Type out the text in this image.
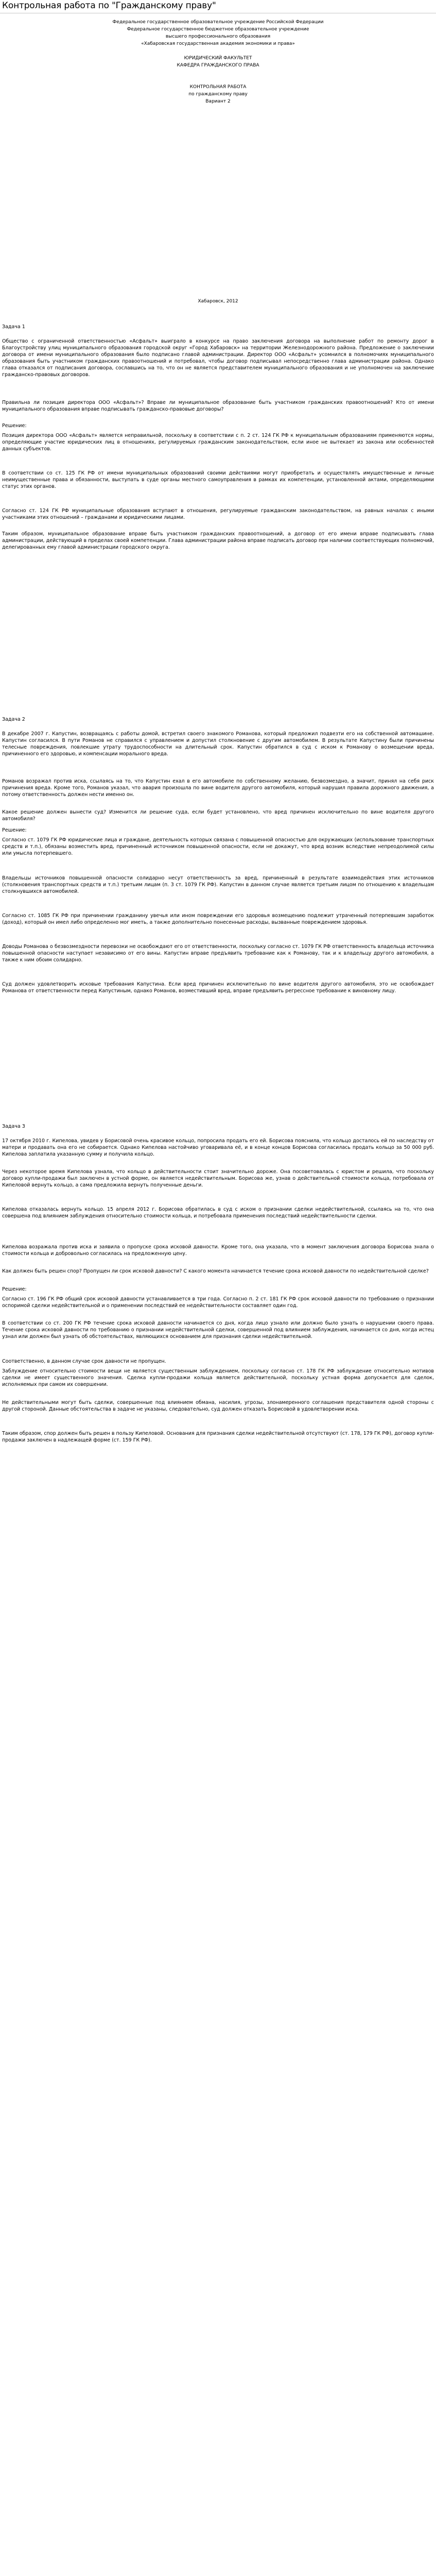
Контрольная работа по "Гражданскому праву"
Федеральное государственное образовательное учреждение Российской Федерации
Федеральное государственное бюджетное образовательное учреждение
высшего профессионального образования
«Хабаровская государственная академия экономики и права»
ЮРИДИЧЕСКИЙ ФАКУЛЬТЕТ
КАФЕДРА ГРАЖДАНСКОГО ПРАВА
КОНТРОЛЬНАЯ РАБОТА
по гражданскому праву
Вариант 2
Хабаровск, 2012
Задача 1
Общество с ограниченной ответственностью «Асфальт» выиграло в конкурсе на право заключения договора на выполнение работ по ремонту дорог в Благоустройству улиц муниципального образования городской округ «Город Хабаровск» на территории Железнодорожного района. Предложение о заключении договора от имени муниципального образования было подписано главой администрации. Директор ООО «Асфальт» усомнился в полномочиях муниципального образования быть участником гражданских правоотношений и потребовал, чтобы договор подписывал непосредственно глава администрации района. Однако глава отказался от подписания договора, сославшись на то, что он не является представителем муниципального образования и не уполномочен на заключение гражданско-правовых договоров.
Правильна ли позиция директора ООО «Асфальт»? Вправе ли муниципальное образование быть участником гражданских правоотношений? Кто от имени муниципального образования вправе подписывать гражданско-правовые договоры?
Решение:
Позиция директора ООО «Асфальт» является неправильной, поскольку в соответствии с п. 2 ст. 124 ГК РФ к муниципальным образованиям применяются нормы, определяющие участие юридических лиц в отношениях, регулируемых гражданским законодательством, если иное не вытекает из закона или особенностей данных субъектов.
В соответствии со ст. 125 ГК РФ от имени муниципальных образований своими действиями могут приобретать и осуществлять имущественные и личные неимущественные права и обязанности, выступать в суде органы местного самоуправления в рамках их компетенции, установленной актами, определяющими статус этих органов.
Согласно ст. 124 ГК РФ муниципальные образования вступают в отношения, регулируемые гражданским законодательством, на равных началах с иными участниками этих отношений – гражданами и юридическими лицами.
Таким образом, муниципальное образование вправе быть участником гражданских правоотношений, а договор от его имени вправе подписывать глава администрации, действующий в пределах своей компетенции. Глава администрации района вправе подписать договор при наличии соответствующих полномочий, делегированных ему главой администрации городского округа.
Задача 2
В декабре 2007 г. Капустин, возвращаясь с работы домой, встретил своего знакомого Романова, который предложил подвезти его на собственной автомашине. Капустин согласился. В пути Романов не справился с управлением и допустил столкновение с другим автомобилем. В результате Капустину были причинены телесные повреждения, повлекшие утрату трудоспособности на длительный срок. Капустин обратился в суд с иском к Романову о возмещении вреда, причиненного его здоровью, и компенсации морального вреда.
Романов возражал против иска, ссылаясь на то, что Капустин ехал в его автомобиле по собственному желанию, безвозмездно, а значит, принял на себя риск причинения вреда. Кроме того, Романов указал, что авария произошла по вине водителя другого автомобиля, который нарушил правила дорожного движения, а потому ответственность должен нести именно он.
Какое решение должен вынести суд? Изменится ли решение суда, если будет установлено, что вред причинен исключительно по вине водителя другого автомобиля?
Решение:
Согласно ст. 1079 ГК РФ юридические лица и граждане, деятельность которых связана с повышенной опасностью для окружающих (использование транспортных средств и т.п.), обязаны возместить вред, причиненный источником повышенной опасности, если не докажут, что вред возник вследствие непреодолимой силы или умысла потерпевшего.
Владельцы источников повышенной опасности солидарно несут ответственность за вред, причиненный в результате взаимодействия этих источников (столкновения транспортных средств и т.п.) третьим лицам (п. 3 ст. 1079 ГК РФ). Капустин в данном случае является третьим лицом по отношению к владельцам столкнувшихся автомобилей.
Согласно ст. 1085 ГК РФ при причинении гражданину увечья или ином повреждении его здоровья возмещению подлежит утраченный потерпевшим заработок (доход), который он имел либо определенно мог иметь, а также дополнительно понесенные расходы, вызванные повреждением здоровья.
Доводы Романова о безвозмездности перевозки не освобождают его от ответственности, поскольку согласно ст. 1079 ГК РФ ответственность владельца источника повышенной опасности наступает независимо от его вины. Капустин вправе предъявить требование как к Романову, так и к владельцу другого автомобиля, а также к ним обоим солидарно.
Суд должен удовлетворить исковые требования Капустина. Если вред причинен исключительно по вине водителя другого автомобиля, это не освобождает Романова от ответственности перед Капустиным, однако Романов, возместивший вред, вправе предъявить регрессное требование к виновному лицу.
Задача 3
17 октября 2010 г. Кипелова, увидев у Борисовой очень красивое кольцо, попросила продать его ей. Борисова пояснила, что кольцо досталось ей по наследству от матери и продавать она его не собирается. Однако Кипелова настойчиво уговаривала её, и в конце концов Борисова согласилась продать кольцо за 50 000 руб. Кипелова заплатила указанную сумму и получила кольцо.
Через некоторое время Кипелова узнала, что кольцо в действительности стоит значительно дороже. Она посоветовалась с юристом и решила, что поскольку договор купли-продажи был заключен в устной форме, он является недействительным. Борисова же, узнав о действительной стоимости кольца, потребовала от Кипеловой вернуть кольцо, а сама предложила вернуть полученные деньги.
Кипелова отказалась вернуть кольцо. 15 апреля 2012 г. Борисова обратилась в суд с иском о признании сделки недействительной, ссылаясь на то, что она совершена под влиянием заблуждения относительно стоимости кольца, и потребовала применения последствий недействительности сделки.
Кипелова возражала против иска и заявила о пропуске срока исковой давности. Кроме того, она указала, что в момент заключения договора Борисова знала о стоимости кольца и добровольно согласилась на предложенную цену.
Как должен быть решен спор? Пропущен ли срок исковой давности? С какого момента начинается течение срока исковой давности по недействительной сделке?
Решение:
Согласно ст. 196 ГК РФ общий срок исковой давности устанавливается в три года. Согласно п. 2 ст. 181 ГК РФ срок исковой давности по требованию о признании оспоримой сделки недействительной и о применении последствий ее недействительности составляет один год.
В соответствии со ст. 200 ГК РФ течение срока исковой давности начинается со дня, когда лицо узнало или должно было узнать о нарушении своего права. Течение срока исковой давности по требованию о признании недействительной сделки, совершенной под влиянием заблуждения, начинается со дня, когда истец узнал или должен был узнать об обстоятельствах, являющихся основанием для признания сделки недействительной.
Соответственно, в данном случае срок давности не пропущен.
Заблуждение относительно стоимости вещи не является существенным заблуждением, поскольку согласно ст. 178 ГК РФ заблуждение относительно мотивов сделки не имеет существенного значения. Сделка купли-продажи кольца является действительной, поскольку устная форма допускается для сделок, исполняемых при самом их совершении.
Не действительными могут быть сделки, совершенные под влиянием обмана, насилия, угрозы, злонамеренного соглашения представителя одной стороны с другой стороной. Данные обстоятельства в задаче не указаны, следовательно, суд должен отказать Борисовой в удовлетворении иска.
Таким образом, спор должен быть решен в пользу Кипеловой. Основания для признания сделки недействительной отсутствуют (ст. 178, 179 ГК РФ), договор купли-продажи заключен в надлежащей форме (ст. 159 ГК РФ).
